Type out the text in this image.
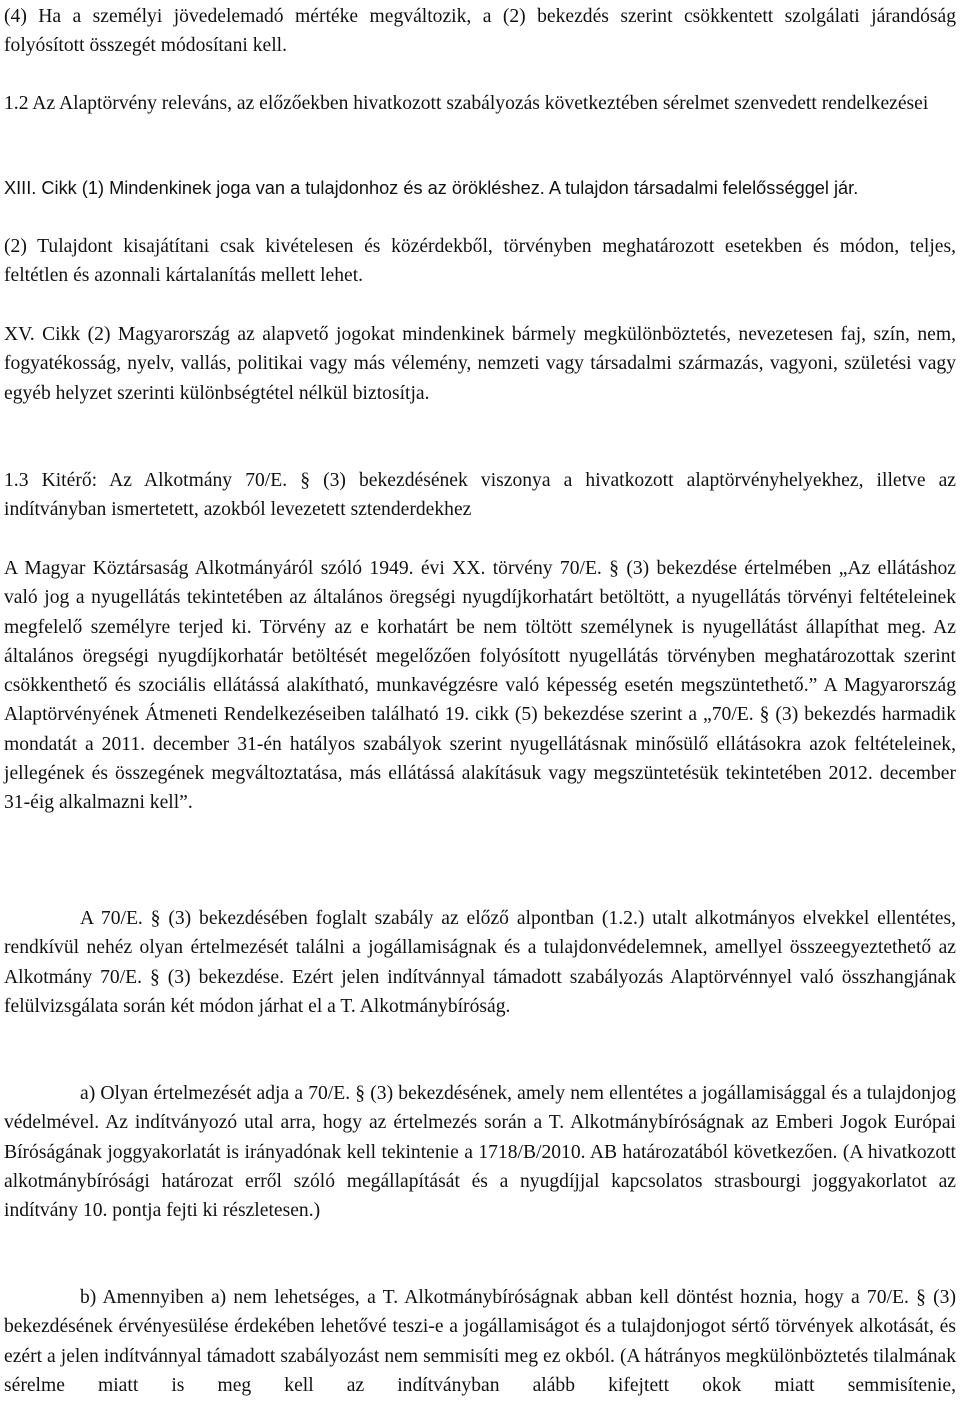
(4) Ha a személyi jövedelemadó mértéke megváltozik, a (2) bekezdés szerint csökkentett szolgálati járandóság folyósított összegét módosítani kell.

1.2 Az Alaptörvény releváns, az előzőekben hivatkozott szabályozás következtében sérelmet szenvedett rendelkezései

XIII. Cikk (1) Mindenkinek joga van a tulajdonhoz és az örökléshez. A tulajdon társadalmi felelősséggel jár.

(2) Tulajdont kisajátítani csak kivételesen és közérdekből, törvényben meghatározott esetekben és módon, teljes, feltétlen és azonnali kártalanítás mellett lehet.

XV. Cikk (2) Magyarország az alapvető jogokat mindenkinek bármely megkülönböztetés, nevezetesen faj, szín, nem, fogyatékosság, nyelv, vallás, politikai vagy más vélemény, nemzeti vagy társadalmi származás, vagyoni, születési vagy egyéb helyzet szerinti különbségtétel nélkül biztosítja.

1.3 Kitérő: Az Alkotmány 70/E. § (3) bekezdésének viszonya a hivatkozott alaptörvényhelyekhez, illetve az indítványban ismertetett, azokból levezetett sztenderdekhez

A Magyar Köztársaság Alkotmányáról szóló 1949. évi XX. törvény 70/E. § (3) bekezdése értelmében „Az ellátáshoz való jog a nyugellátás tekintetében az általános öregségi nyugdíjkorhatárt betöltött, a nyugellátás törvényi feltételeinek megfelelő személyre terjed ki. Törvény az e korhatárt be nem töltött személynek is nyugellátást állapíthat meg. Az általános öregségi nyugdíjkorhatár betöltését megelőzően folyósított nyugellátás törvényben meghatározottak szerint csökkenthető és szociális ellátássá alakítható, munkavégzésre való képesség esetén megszüntethető.” A Magyarország Alaptörvényének Átmeneti Rendelkezéseiben található 19. cikk (5) bekezdése szerint a „70/E. § (3) bekezdés harmadik mondatát a 2011. december 31-én hatályos szabályok szerint nyugellátásnak minősülő ellátásokra azok feltételeinek, jellegének és összegének megváltoztatása, más ellátássá alakításuk vagy megszüntetésük tekintetében 2012. december 31-éig alkalmazni kell”.

A 70/E. § (3) bekezdésében foglalt szabály az előző alpontban (1.2.) utalt alkotmányos elvekkel ellentétes, rendkívül nehéz olyan értelmezését találni a jogállamiságnak és a tulajdonvédelemnek, amellyel összeegyeztethető az Alkotmány 70/E. § (3) bekezdése. Ezért jelen indítvánnyal támadott szabályozás Alaptörvénnyel való összhangjának felülvizsgálata során két módon járhat el a T. Alkotmánybíróság.

a) Olyan értelmezését adja a 70/E. § (3) bekezdésének, amely nem ellentétes a jogállamisággal és a tulajdonjog védelmével. Az indítványozó utal arra, hogy az értelmezés során a T. Alkotmánybíróságnak az Emberi Jogok Európai Bíróságának joggyakorlatát is irányadónak kell tekintenie a 1718/B/2010. AB határozatából következően. (A hivatkozott alkotmánybírósági határozat erről szóló megállapítását és a nyugdíjjal kapcsolatos strasbourgi joggyakorlatot az indítvány 10. pontja fejti ki részletesen.)

b) Amennyiben a) nem lehetséges, a T. Alkotmánybíróságnak abban kell döntést hoznia, hogy a 70/E. § (3) bekezdésének érvényesülése érdekében lehetővé teszi-e a jogállamiságot és a tulajdonjogot sértő törvények alkotását, és ezért a jelen indítvánnyal támadott szabályozást nem semmisíti meg ez okból. (A hátrányos megkülönböztetés tilalmának sérelme miatt is meg kell az indítványban alább kifejtett okok miatt semmisítenie,
